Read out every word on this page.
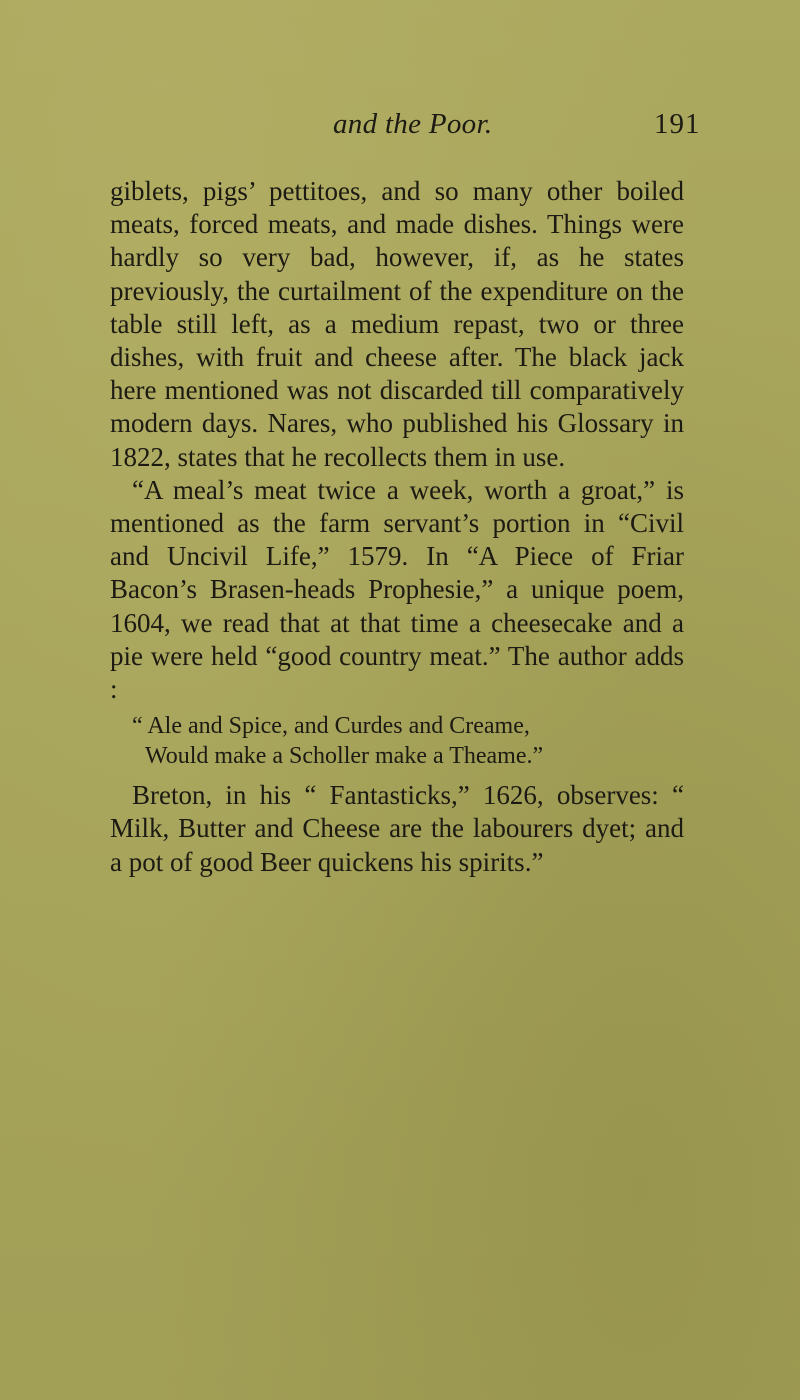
and the Poor.	191

giblets, pigs’ pettitoes, and so many other boiled meats, forced meats, and made dishes. Things were hardly so very bad, however, if, as he states previously, the curtailment of the expenditure on the table still left, as a medium repast, two or three dishes, with fruit and cheese after. The black jack here mentioned was not discarded till comparatively modern days. Nares, who published his Glossary in 1822, states that he recollects them in use.

“A meal’s meat twice a week, worth a groat,” is mentioned as the farm servant’s portion in “Civil and Uncivil Life,” 1579. In “A Piece of Friar Bacon’s Brasen-heads Prophesie,” a unique poem, 1604, we read that at that time a cheesecake and a pie were held “good country meat.” The author adds :

“ Ale and Spice, and Curdes and Creame,
Would make a Scholler make a Theame.”

Breton, in his “ Fantasticks,” 1626, observes: “ Milk, Butter and Cheese are the labourers dyet; and a pot of good Beer quickens his spirits.”
